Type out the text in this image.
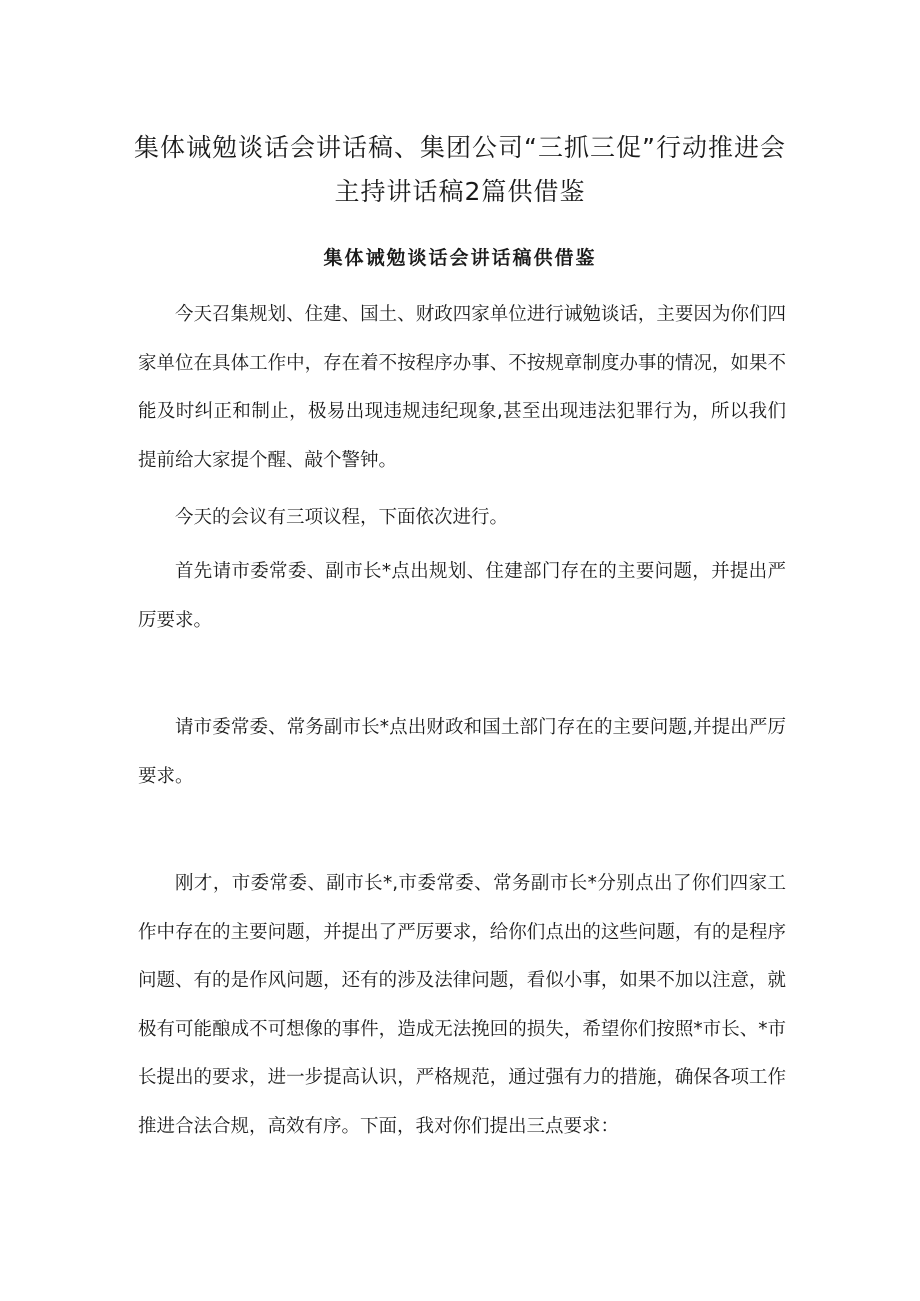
集体诫勉谈话会讲话稿、集团公司“三抓三促”行动推进会
主持讲话稿2篇供借鉴
集体诫勉谈话会讲话稿供借鉴

今天召集规划、住建、国土、财政四家单位进行诫勉谈话，主要因为你们四家单位在具体工作中，存在着不按程序办事、不按规章制度办事的情况，如果不能及时纠正和制止，极易出现违规违纪现象,甚至出现违法犯罪行为，所以我们提前给大家提个醒、敲个警钟。

今天的会议有三项议程，下面依次进行。

首先请市委常委、副市长*点出规划、住建部门存在的主要问题，并提出严厉要求。

请市委常委、常务副市长*点出财政和国土部门存在的主要问题,并提出严厉要求。

刚才，市委常委、副市长*,市委常委、常务副市长*分别点出了你们四家工作中存在的主要问题，并提出了严厉要求，给你们点出的这些问题，有的是程序问题、有的是作风问题，还有的涉及法律问题，看似小事，如果不加以注意，就极有可能酿成不可想像的事件，造成无法挽回的损失，希望你们按照*市长、*市长提出的要求，进一步提高认识，严格规范，通过强有力的措施，确保各项工作推进合法合规，高效有序。下面，我对你们提出三点要求：
